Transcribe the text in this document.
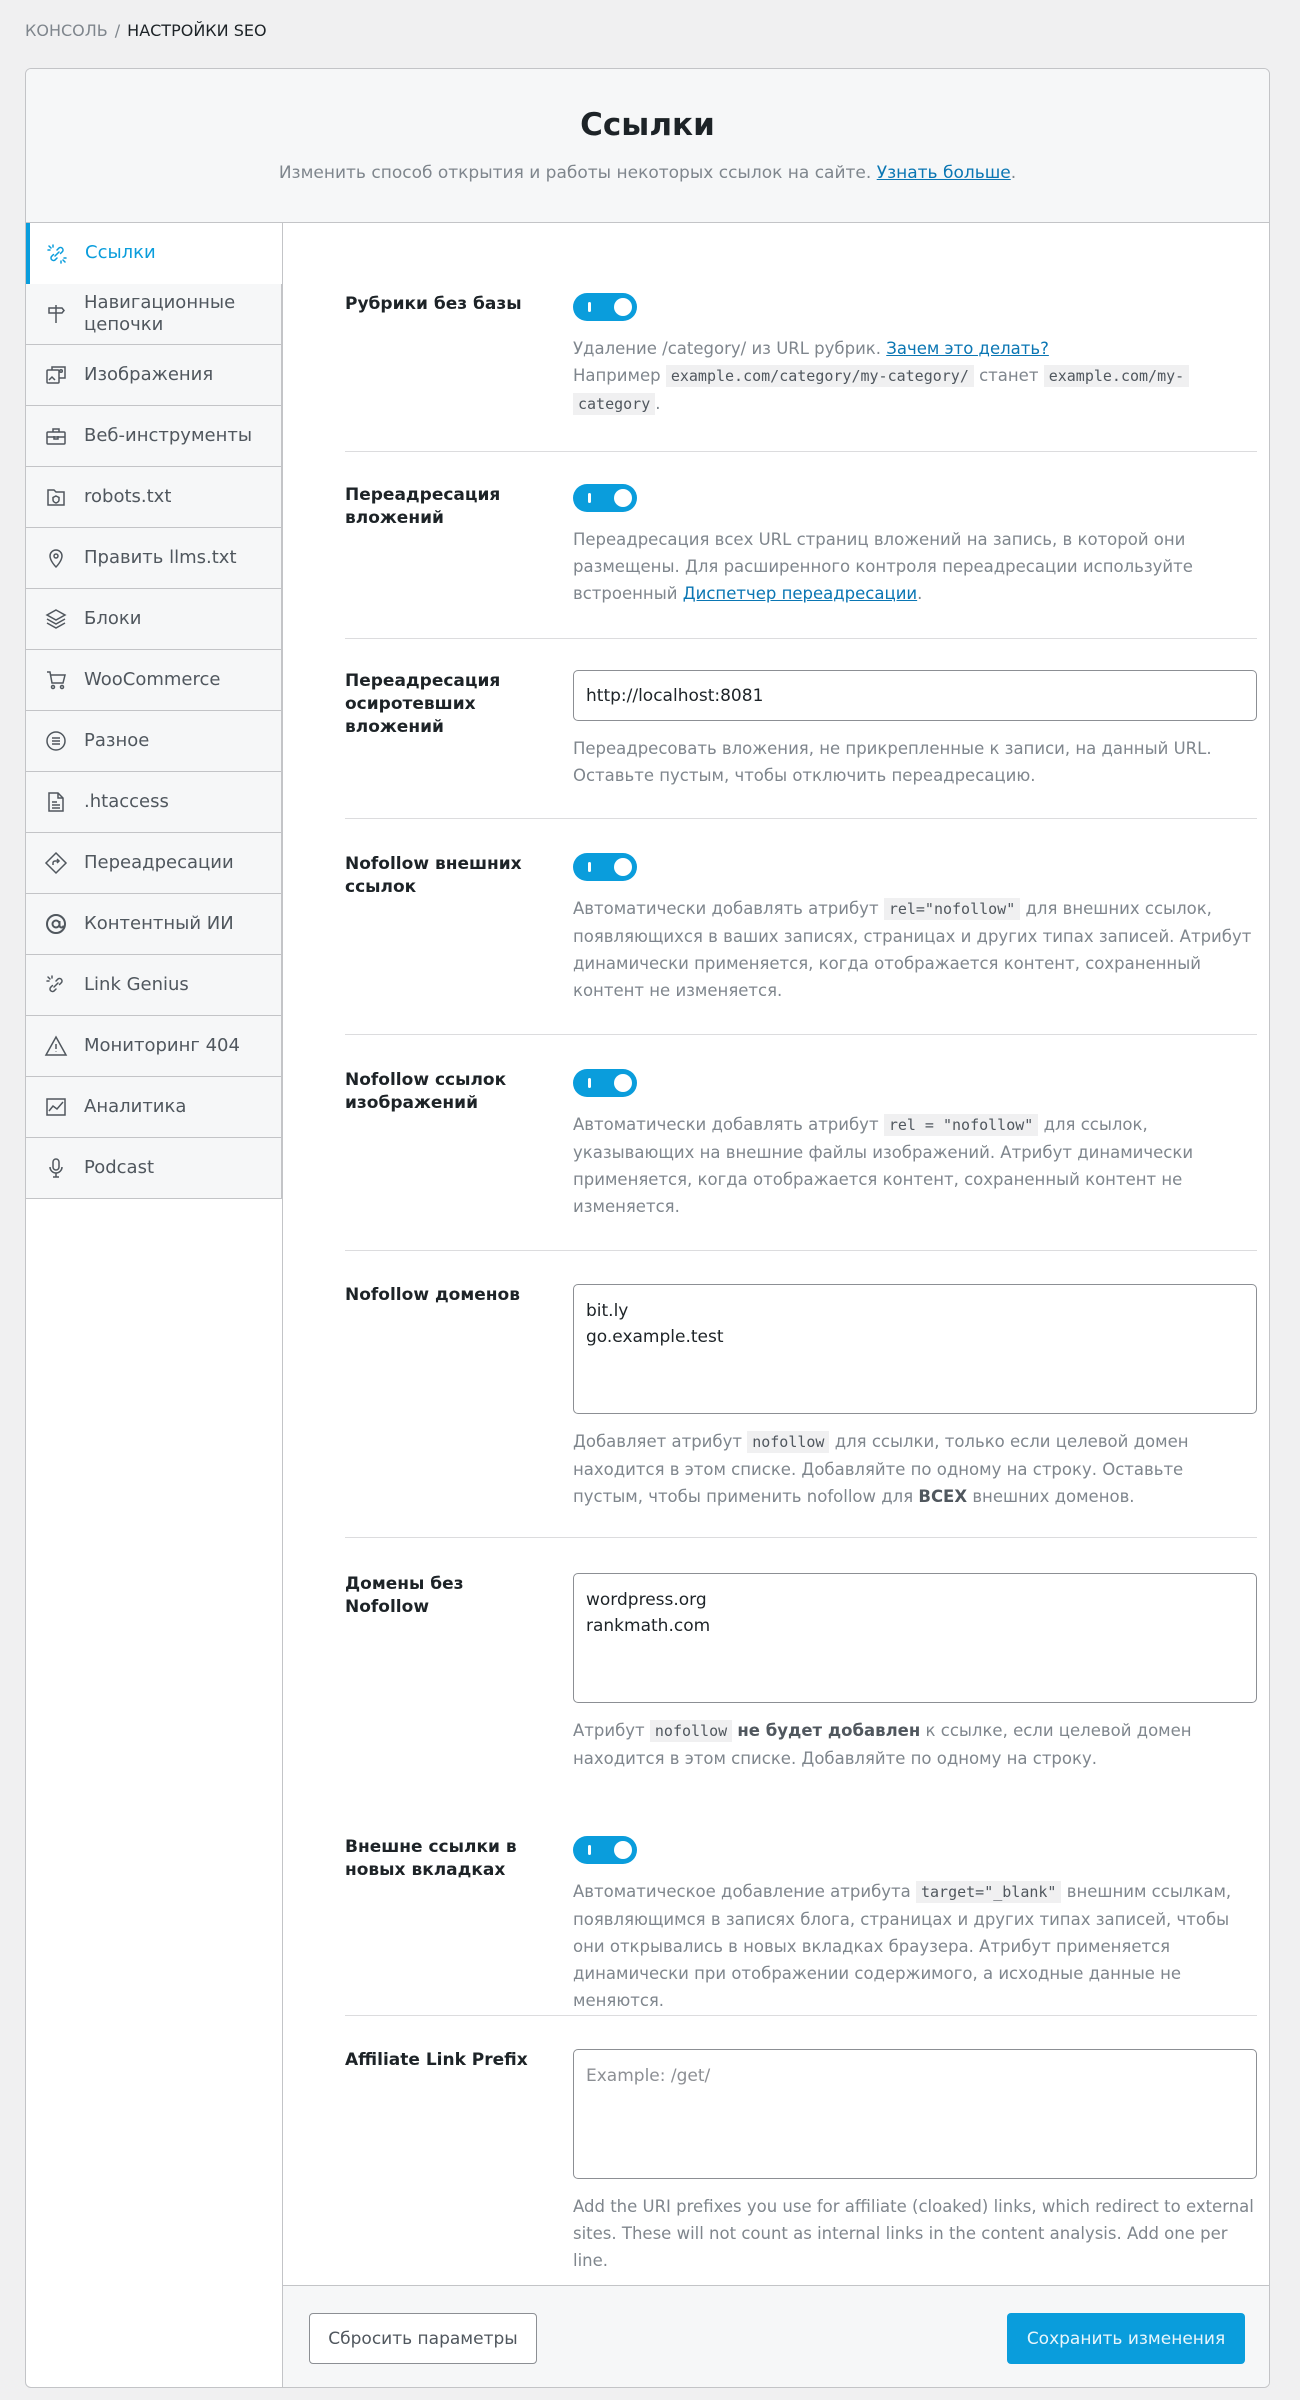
КОНСОЛЬ / НАСТРОЙКИ SEO
Ссылки

Изменить способ открытия и работы некоторых ссылок на сайте. Узнать больше.

Ссылки
Навигационные цепочки
Изображения
Веб-инструменты
robots.txt
Править llms.txt
Блоки
WooCommerce
Разное
.htaccess
Переадресации
Контентный ИИ
Link Genius
Мониторинг 404
Аналитика
Podcast
Рубрики без базы
Удаление /category/ из URL рубрик. Зачем это делать?
Например example.com/category/my-category/ станет example.com/my-
category .
Переадресация вложений
Переадресация всех URL страниц вложений на запись, в которой они размещены. Для расширенного контроля переадресации используйте встроенный Диспетчер переадресации.
Переадресация осиротевших вложений
http://localhost:8081
Переадресовать вложения, не прикрепленные к записи, на данный URL. Оставьте пустым, чтобы отключить переадресацию.
Nofollow внешних ссылок
Автоматически добавлять атрибут rel="nofollow" для внешних ссылок, появляющихся в ваших записях, страницах и других типах записей. Атрибут динамически применяется, когда отображается контент, сохраненный контент не изменяется.
Nofollow ссылок изображений
Автоматически добавлять атрибут rel = "nofollow" для ссылок, указывающих на внешние файлы изображений. Атрибут динамически применяется, когда отображается контент, сохраненный контент не изменяется.
Nofollow доменов
bit.ly
go.example.test
Добавляет атрибут nofollow для ссылки, только если целевой домен находится в этом списке. Добавляйте по одному на строку. Оставьте пустым, чтобы применить nofollow для ВСЕХ внешних доменов.
Домены без Nofollow	wordpress.org
rankmath.com
Атрибут nofollow не будет добавлен к ссылке, если целевой домен находится в этом списке. Добавляйте по одному на строку.
Внешне ссылки в новых вкладках
Автоматическое добавление атрибута target="_blank" внешним ссылкам, появляющимся в записях блога, страницах и других типах записей, чтобы они открывались в новых вкладках браузера. Атрибут применяется динамически при отображении содержимого, а исходные данные не меняются.
Affiliate Link Prefix
Example: /get/
Add the URI prefixes you use for affiliate (cloaked) links, which redirect to external sites. These will not count as internal links in the content analysis. Add one per line.
Сбросить параметры	Сохранить изменения
